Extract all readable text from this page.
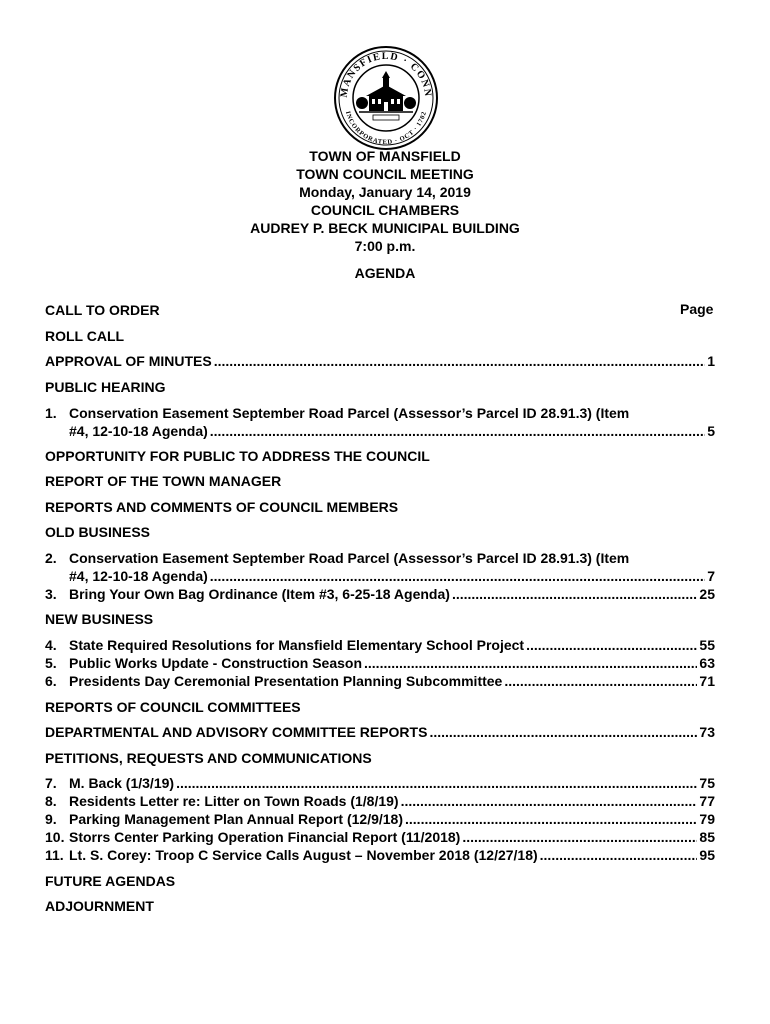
MANSFIELD · CONN
INCORPORATED · OCT · 1702
TOWN OF MANSFIELD
TOWN COUNCIL MEETING
Monday, January 14, 2019
COUNCIL CHAMBERS
AUDREY P. BECK MUNICIPAL BUILDING
7:00 p.m.
AGENDA
CALL TO ORDER	Page
ROLL CALL
APPROVAL OF MINUTES .....	1
PUBLIC HEARING
1. Conservation Easement September Road Parcel (Assessor’s Parcel ID 28.91.3) (Item
#4, 12-10-18 Agenda) .....	5
OPPORTUNITY FOR PUBLIC TO ADDRESS THE COUNCIL
REPORT OF THE TOWN MANAGER
REPORTS AND COMMENTS OF COUNCIL MEMBERS
OLD BUSINESS
2. Conservation Easement September Road Parcel (Assessor’s Parcel ID 28.91.3) (Item
#4, 12-10-18 Agenda) .....	7
3. Bring Your Own Bag Ordinance (Item #3, 6-25-18 Agenda) .....	25
NEW BUSINESS
4. State Required Resolutions for Mansfield Elementary School Project .....	55
5. Public Works Update - Construction Season .....	63
6. Presidents Day Ceremonial Presentation Planning Subcommittee .....	71
REPORTS OF COUNCIL COMMITTEES
DEPARTMENTAL AND ADVISORY COMMITTEE REPORTS .....	73
PETITIONS, REQUESTS AND COMMUNICATIONS
7. M. Back (1/3/19) .....	75
8. Residents Letter re: Litter on Town Roads (1/8/19) .....	77
9. Parking Management Plan Annual Report (12/9/18) .....	79
10. Storrs Center Parking Operation Financial Report (11/2018) .....	85
11. Lt. S. Corey: Troop C Service Calls August – November 2018 (12/27/18) .....	95
FUTURE AGENDAS
ADJOURNMENT
